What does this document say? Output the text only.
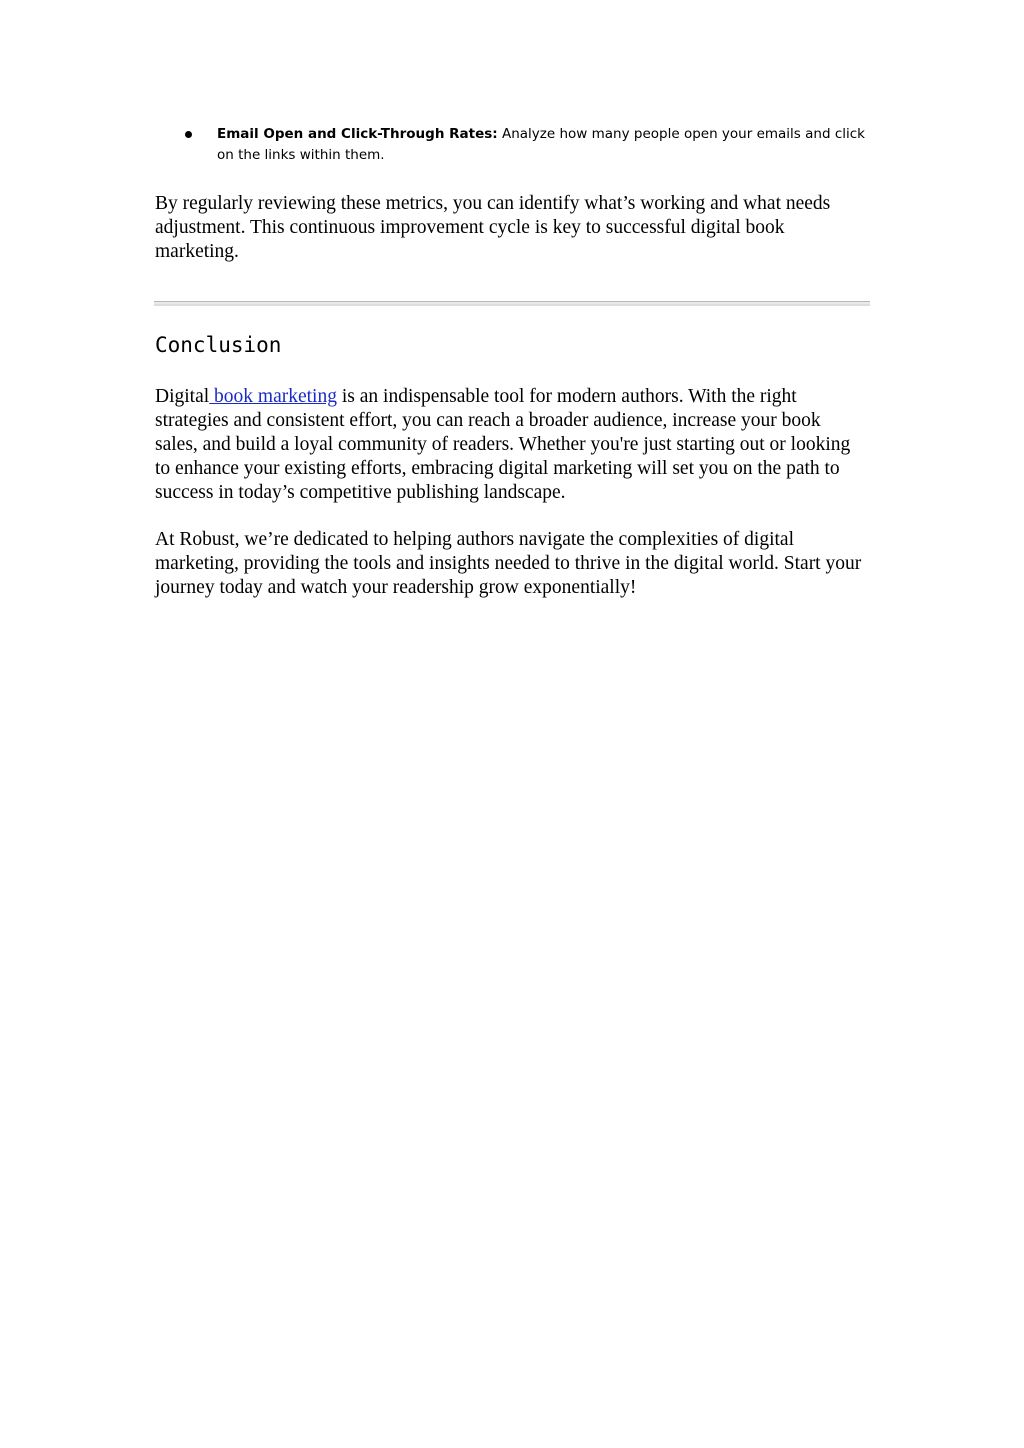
Email Open and Click-Through Rates: Analyze how many people open your emails and click on the links within them.

By regularly reviewing these metrics, you can identify what’s working and what needs adjustment. This continuous improvement cycle is key to successful digital book marketing.

Conclusion

Digital book marketing is an indispensable tool for modern authors. With the right strategies and consistent effort, you can reach a broader audience, increase your book sales, and build a loyal community of readers. Whether you're just starting out or looking to enhance your existing efforts, embracing digital marketing will set you on the path to success in today’s competitive publishing landscape.

At Robust, we’re dedicated to helping authors navigate the complexities of digital marketing, providing the tools and insights needed to thrive in the digital world. Start your journey today and watch your readership grow exponentially!
